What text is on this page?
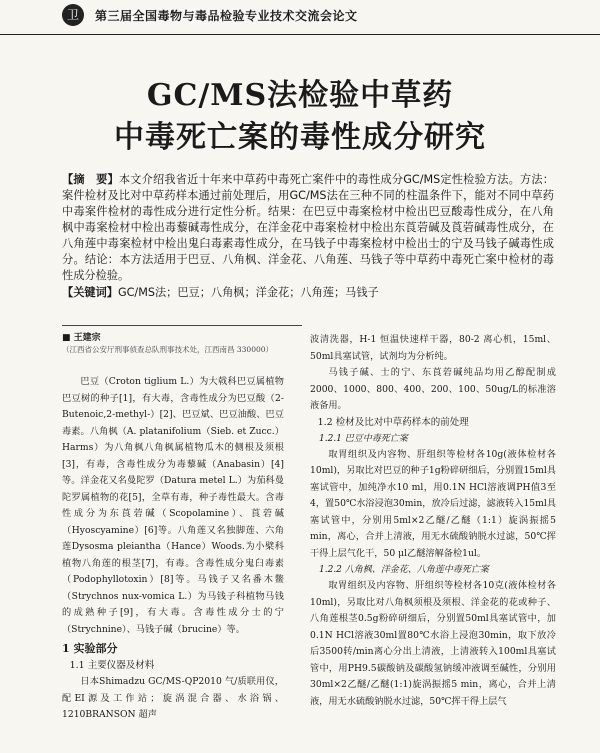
卫	第三届全国毒物与毒品检验专业技术交流会论文
GC/MS法检验中草药
中毒死亡案的毒性成分研究
【摘　要】本文介绍我省近十年来中草药中毒死亡案件中的毒性成分GC/MS定性检验方法。方法：案件检材及比对中草药样本通过前处理后，用GC/MS法在三种不同的柱温条件下，能对不同中草药中毒案件检材的毒性成分进行定性分析。结果：在巴豆中毒案检材中检出巴豆酸毒性成分，在八角枫中毒案检材中检出毒藜碱毒性成分，在洋金花中毒案检材中检出东莨菪碱及莨菪碱毒性成分，在八角莲中毒案检材中检出鬼臼毒素毒性成分，在马钱子中毒案检材中检出士的宁及马钱子碱毒性成分。结论：本方法适用于巴豆、八角枫、洋金花、八角莲、马钱子等中草药中毒死亡案中检材的毒性成分检验。
【关键词】GC/MS法；巴豆；八角枫；洋金花；八角莲；马钱子
■ 王建宗
（江西省公安厅刑事侦查总队刑事技术处，江西南昌 330000）

巴豆（Croton tiglium L.）为大戟科巴豆属植物巴豆树的种子[1]，有大毒，含毒性成分为巴豆酸（2-Butenoic,2-methyl-）[2]、巴豆斌、巴豆油酸、巴豆毒素。八角枫（A. platanifolium（Sieb. et Zucc.）Harms）为八角枫八角枫属植物瓜木的侧根及须根[3]，有毒，含毒性成分为毒藜碱（Anabasin）[4]等。洋金花又名曼陀罗（Datura metel L.）为茄科曼陀罗属植物的花[5]，全草有毒，种子毒性最大。含毒性成分为东莨菪碱（Scopolamine）、莨菪碱（Hyoscyamine）[6]等。八角莲又名独脚莲、六角莲Dysosma pleiantha（Hance）Woods.为小檗科植物八角莲的根茎[7]，有毒。含毒性成分鬼臼毒素（Podophyllotoxin）[8]等。马钱子又名番木鳖（Strychnos nux-vomica L.）为马钱子科植物马钱的成熟种子[9]，有大毒。含毒性成分士的宁（Strychnine）、马钱子碱（brucine）等。

1 实验部分
1.1 主要仪器及材料

日本Shimadzu GC/MS-QP2010 气/质联用仪，配EI源及工作站；旋涡混合器、水浴锅、1210BRANSON 超声

波清洗器，H-1 恒温快速样干器，80-2 离心机，15ml、50ml具塞试管，试剂均为分析纯。

马钱子碱、士的宁、东莨菪碱纯品均用乙醇配制成2000、1000、800、400、200、100、50ug/L的标准溶液备用。

1.2 检材及比对中草药样本的前处理
1.2.1 巴豆中毒死亡案

取胃组织及内容物、肝组织等检材各10g(液体检材各10ml)，另取比对巴豆的种子1g粉碎研细后，分别置15ml具塞试管中，加纯净水10 ml，用0.1N HCl溶液调PH值3至4，置50℃水浴浸泡30min，放冷后过滤，滤液转入15ml具塞试管中，分别用5ml×2乙醚/乙醚（1:1）旋涡振摇5 min，离心，合并上清液，用无水硫酸钠脱水过滤，50℃挥干得上层气化干，50 μl乙醚溶解备检1ul。

1.2.2 八角枫、洋金花、八角莲中毒死亡案

取胃组织及内容物、肝组织等检材各10克(液体检材各10ml)，另取比对八角枫须根及须根、洋金花的花或种子、八角莲根茎0.5g粉碎研细后，分别置50ml具塞试管中，加0.1N HCl溶液30ml置80℃水浴上浸泡30min，取下放冷后3500转/min离心分出上清液，上清液转入100ml具塞试管中，用PH9.5碳酸钠及碳酸氢钠缓冲液调至碱性，分别用30ml×2乙醚/乙醚(1:1)旋涡振摇5 min，离心，合并上清液，用无水硫酸钠脱水过滤，50℃挥干得上层气
